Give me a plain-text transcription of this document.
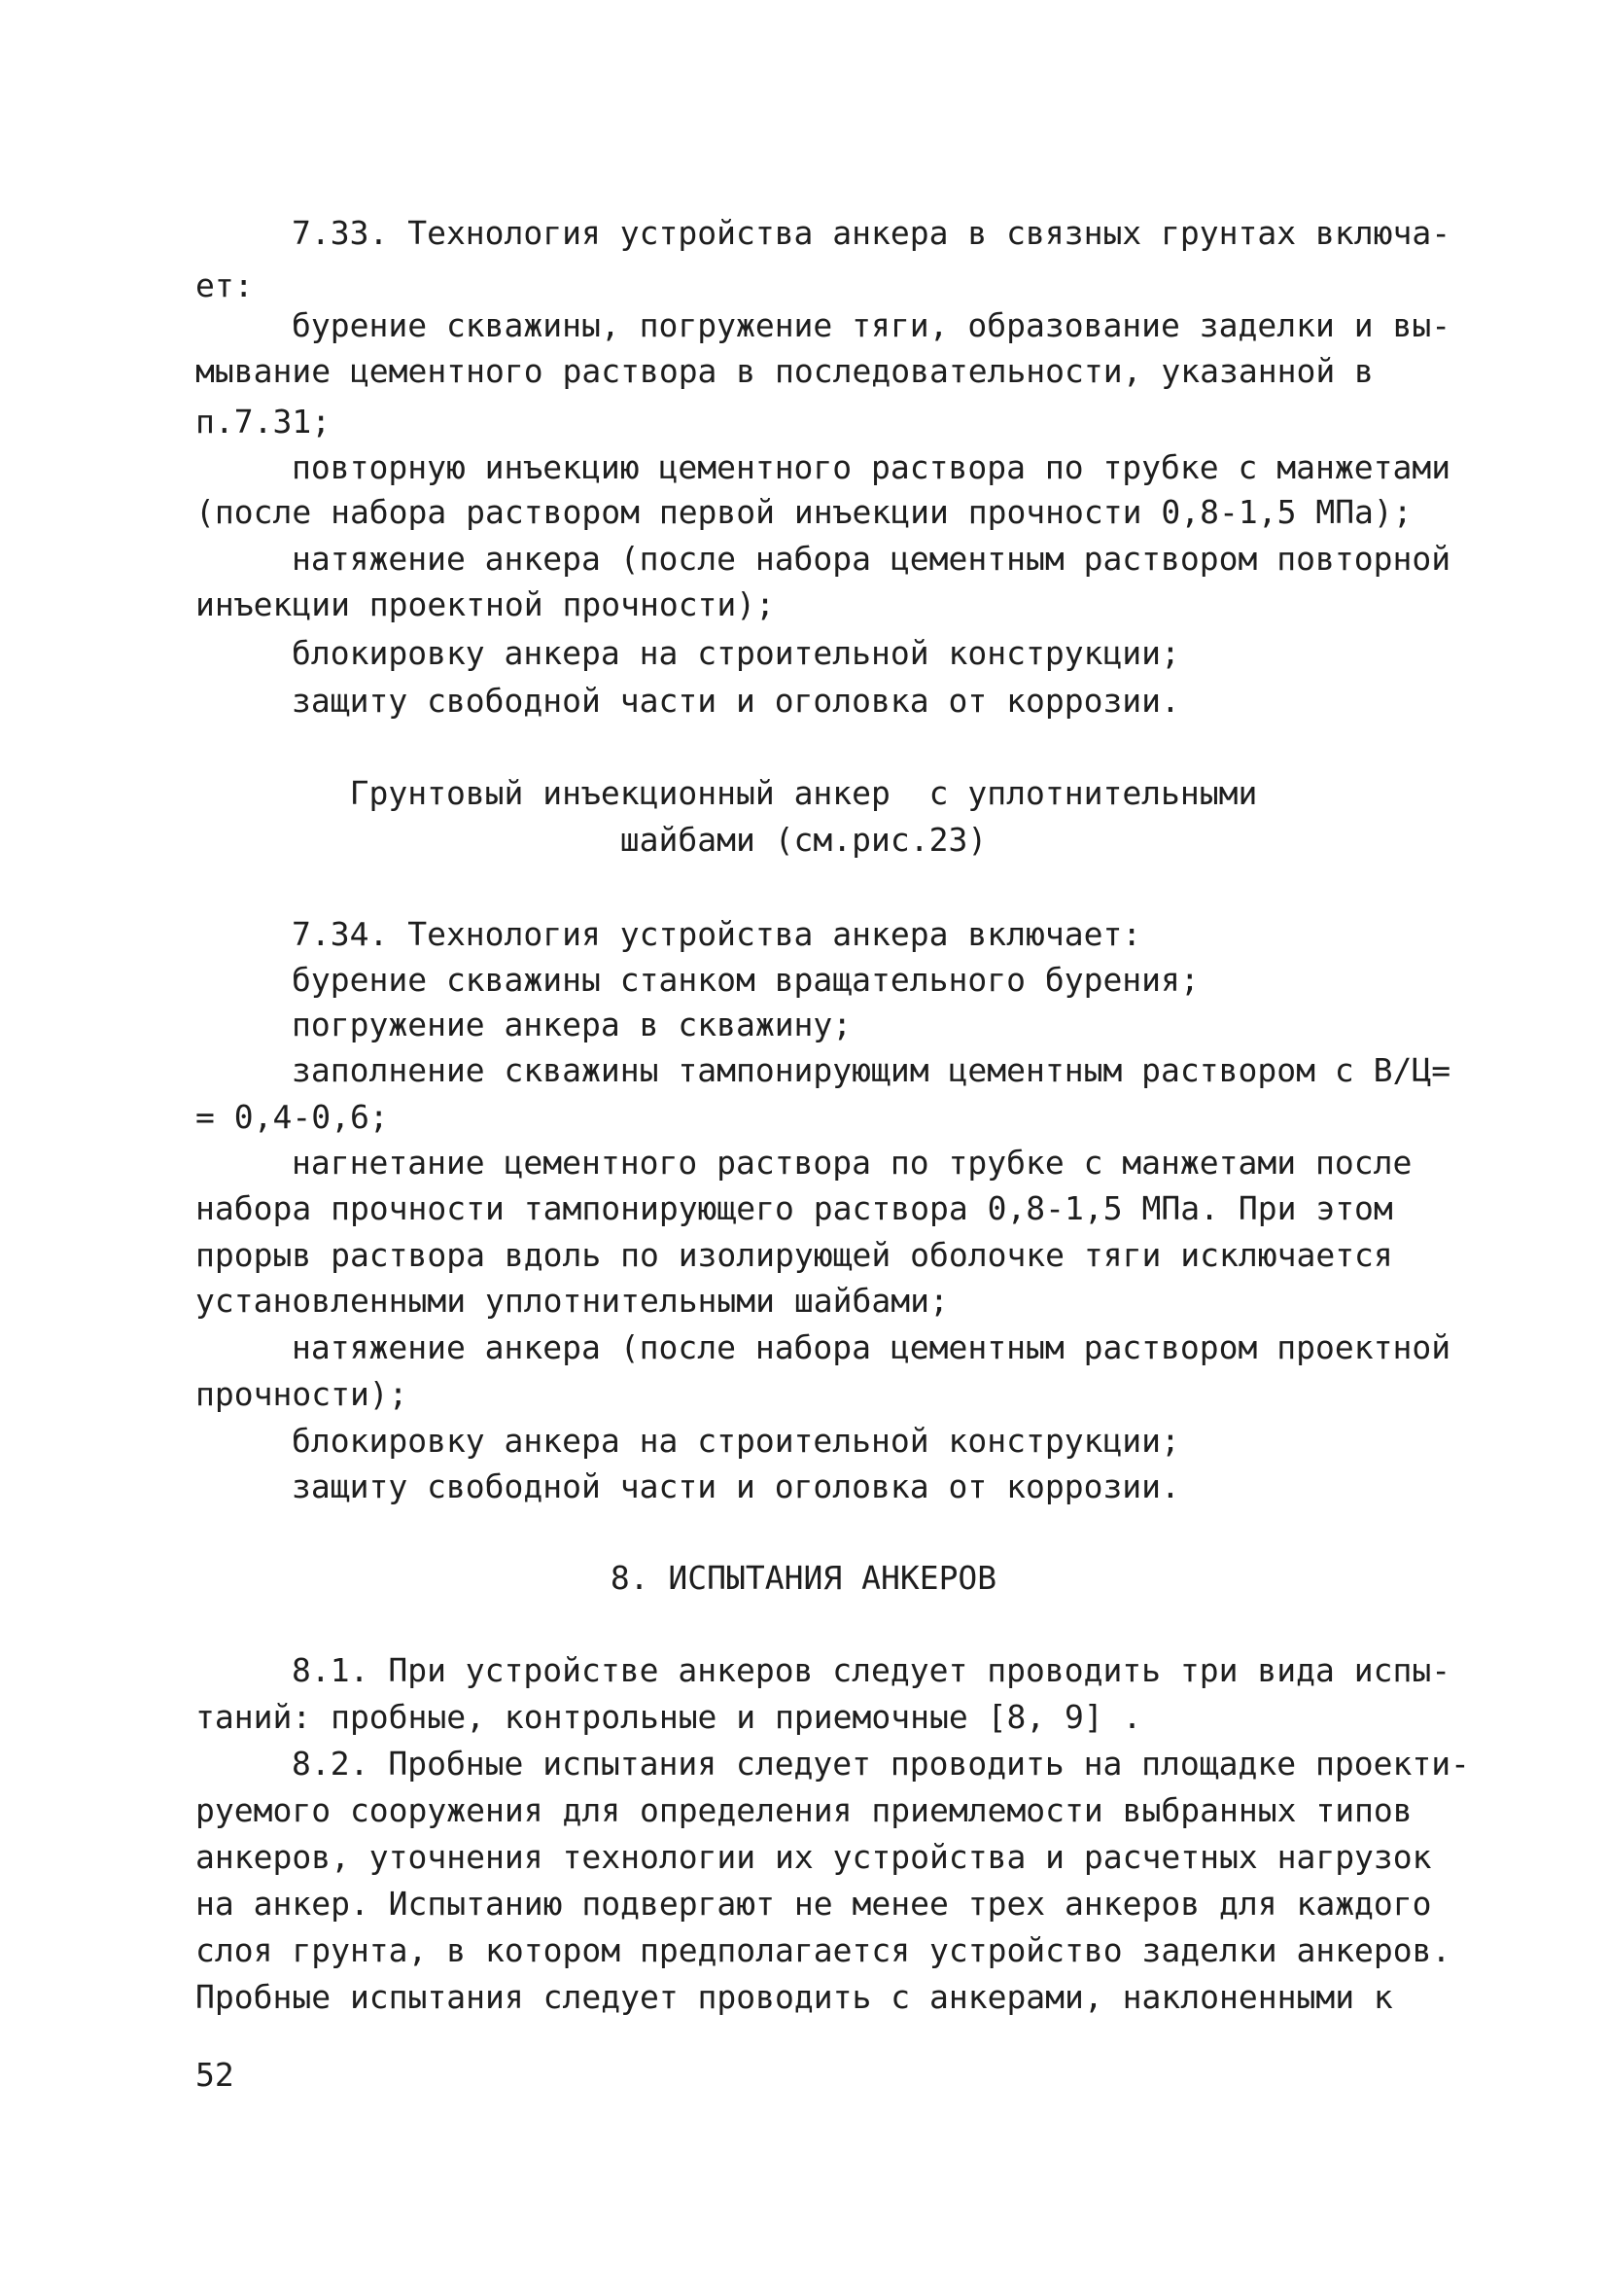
7.33. Технология устройства анкера в связных грунтах включа-
ет:
бурение скважины, погружение тяги, образование заделки и вы-
мывание цементного раствора в последовательности, указанной в
п.7.31;
повторную инъекцию цементного раствора по трубке с манжетами
(после набора раствором первой инъекции прочности 0,8-1,5 МПа);
натяжение анкера (после набора цементным раствором повторной
инъекции проектной прочности);
блокировку анкера на строительной конструкции;
защиту свободной части и оголовка от коррозии.
Грунтовый инъекционный анкер  с уплотнительными
шайбами (см.рис.23)
7.34. Технология устройства анкера включает:
бурение скважины станком вращательного бурения;
погружение анкера в скважину;
заполнение скважины тампонирующим цементным раствором с В/Ц=
= 0,4-0,6;
нагнетание цементного раствора по трубке с манжетами после
набора прочности тампонирующего раствора 0,8-1,5 МПа. При этом
прорыв раствора вдоль по изолирующей оболочке тяги исключается
установленными уплотнительными шайбами;
натяжение анкера (после набора цементным раствором проектной
прочности);
блокировку анкера на строительной конструкции;
защиту свободной части и оголовка от коррозии.
8. ИСПЫТАНИЯ АНКЕРОВ
8.1. При устройстве анкеров следует проводить три вида испы-
таний: пробные, контрольные и приемочные [8, 9] .
8.2. Пробные испытания следует проводить на площадке проекти-
руемого сооружения для определения приемлемости выбранных типов
анкеров, уточнения технологии их устройства и расчетных нагрузок
на анкер. Испытанию подвергают не менее трех анкеров для каждого
слоя грунта, в котором предполагается устройство заделки анкеров.
Пробные испытания следует проводить с анкерами, наклоненными к
52
